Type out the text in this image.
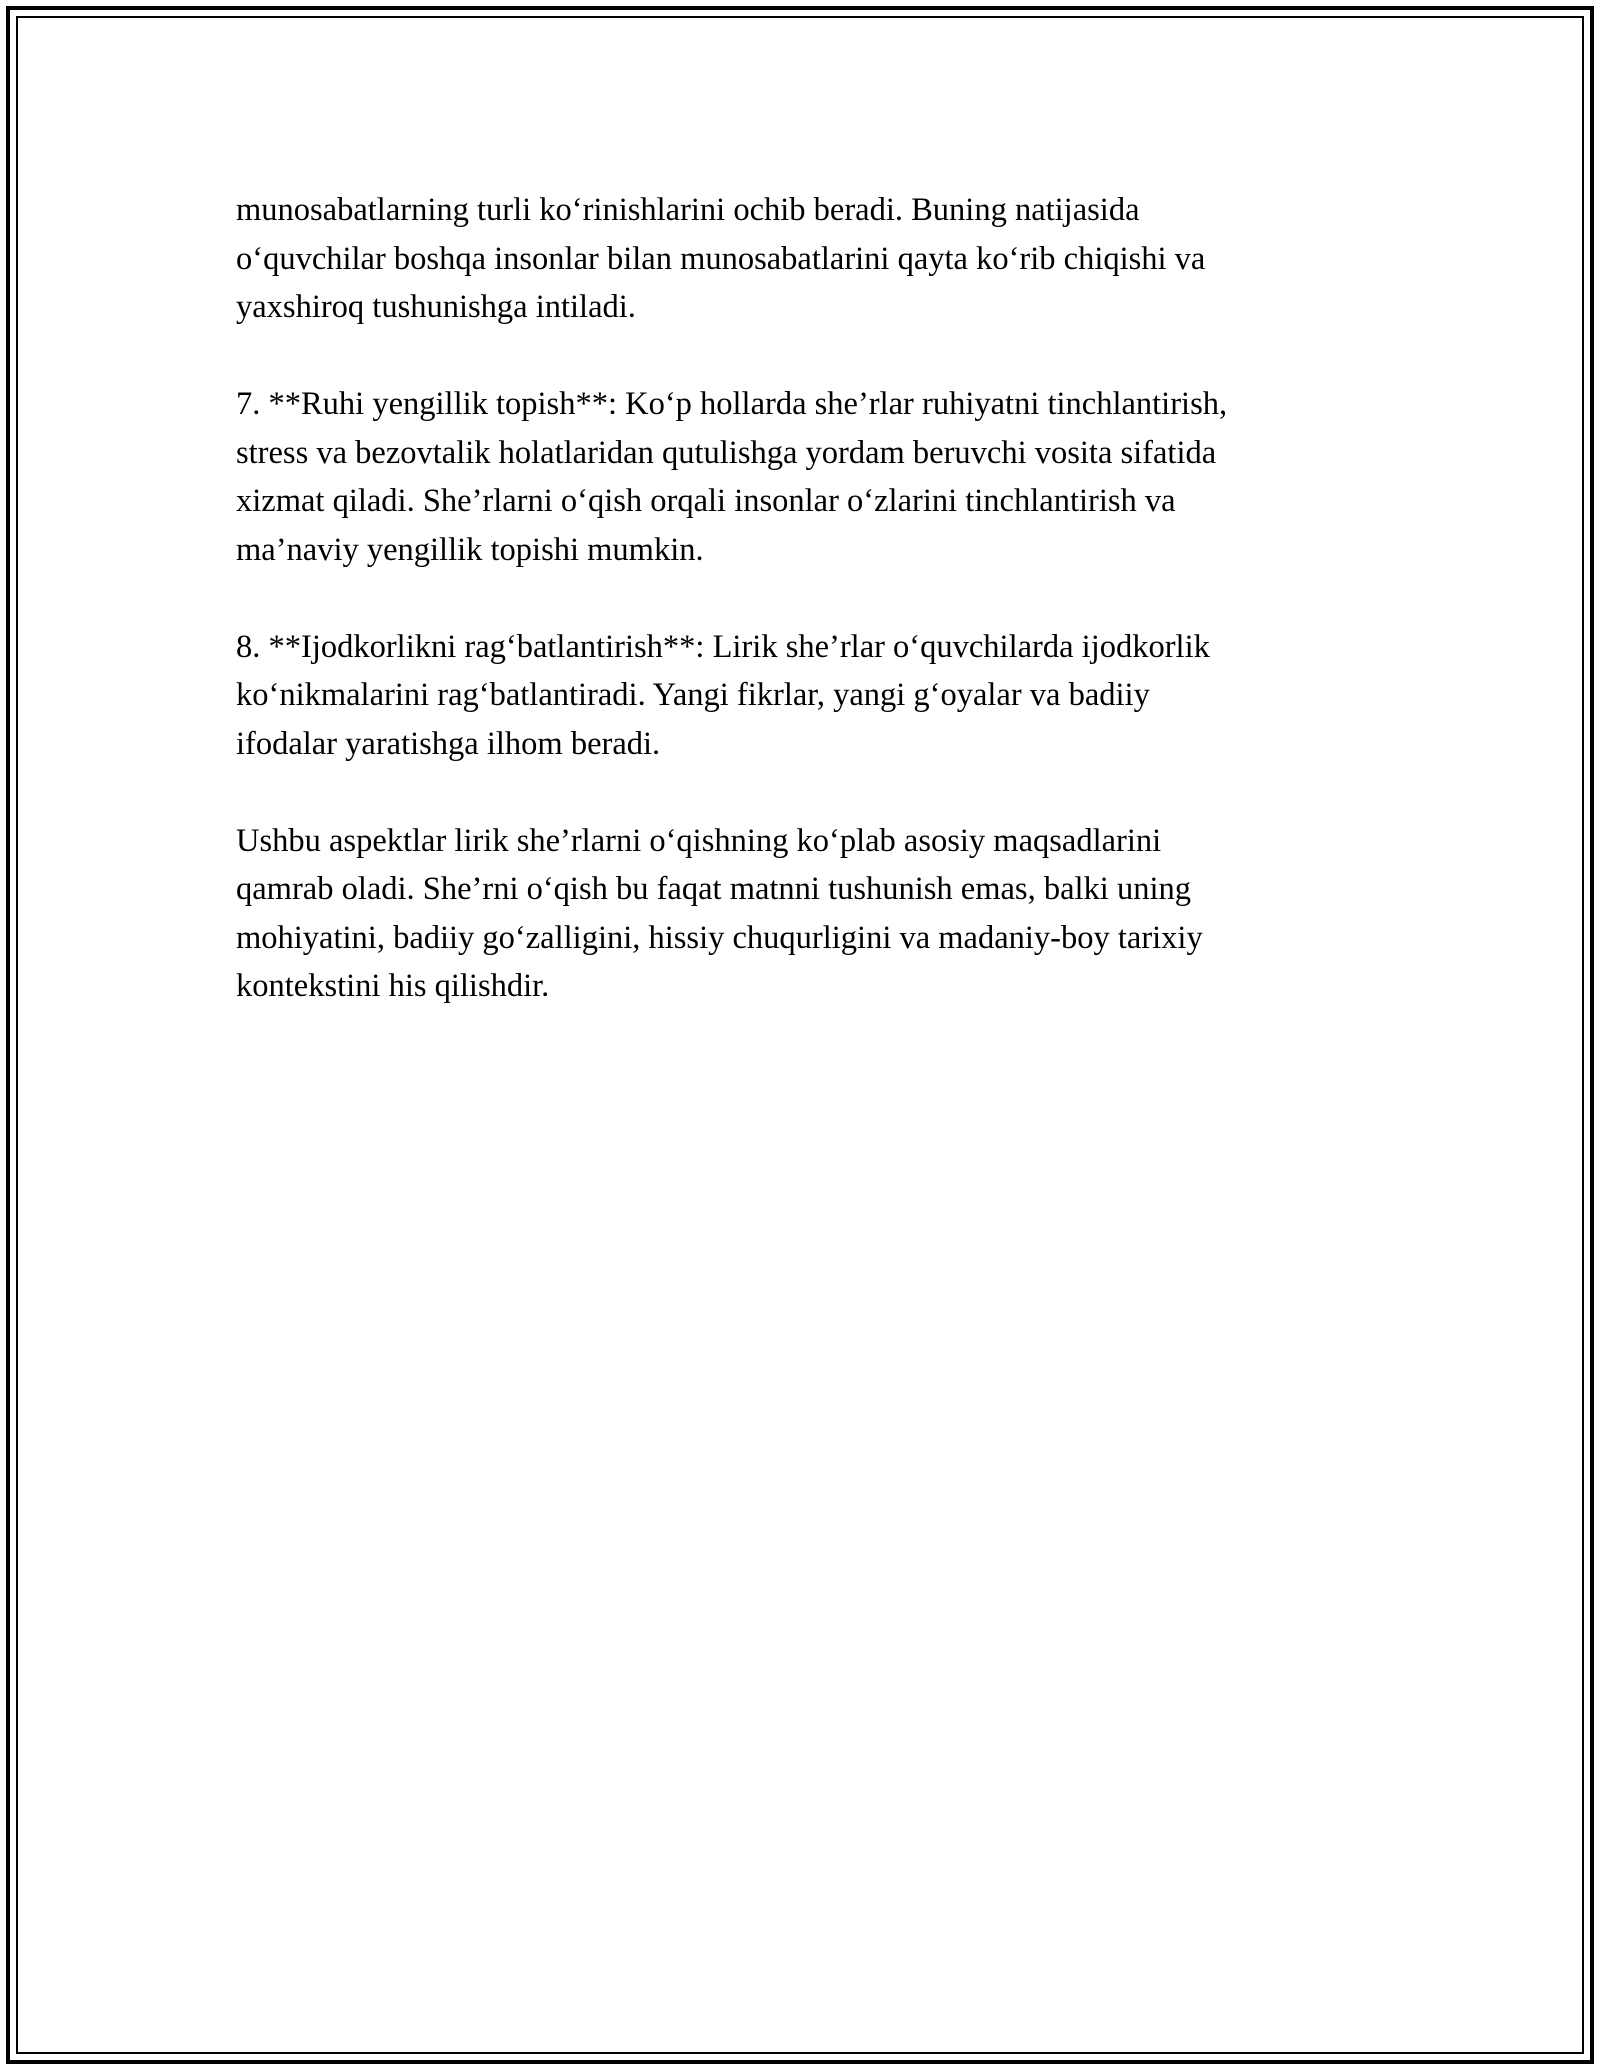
munosabatlarning turli ko‘rinishlarini ochib beradi. Buning natijasida
o‘quvchilar boshqa insonlar bilan munosabatlarini qayta ko‘rib chiqishi va
yaxshiroq tushunishga intiladi.

7. **Ruhi yengillik topish**: Ko‘p hollarda she’rlar ruhiyatni tinchlantirish,
stress va bezovtalik holatlaridan qutulishga yordam beruvchi vosita sifatida
xizmat qiladi. She’rlarni o‘qish orqali insonlar o‘zlarini tinchlantirish va
ma’naviy yengillik topishi mumkin.

8. **Ijodkorlikni rag‘batlantirish**: Lirik she’rlar o‘quvchilarda ijodkorlik
ko‘nikmalarini rag‘batlantiradi. Yangi fikrlar, yangi g‘oyalar va badiiy
ifodalar yaratishga ilhom beradi.

Ushbu aspektlar lirik she’rlarni o‘qishning ko‘plab asosiy maqsadlarini
qamrab oladi. She’rni o‘qish bu faqat matnni tushunish emas, balki uning
mohiyatini, badiiy go‘zalligini, hissiy chuqurligini va madaniy-boy tarixiy
kontekstini his qilishdir.
